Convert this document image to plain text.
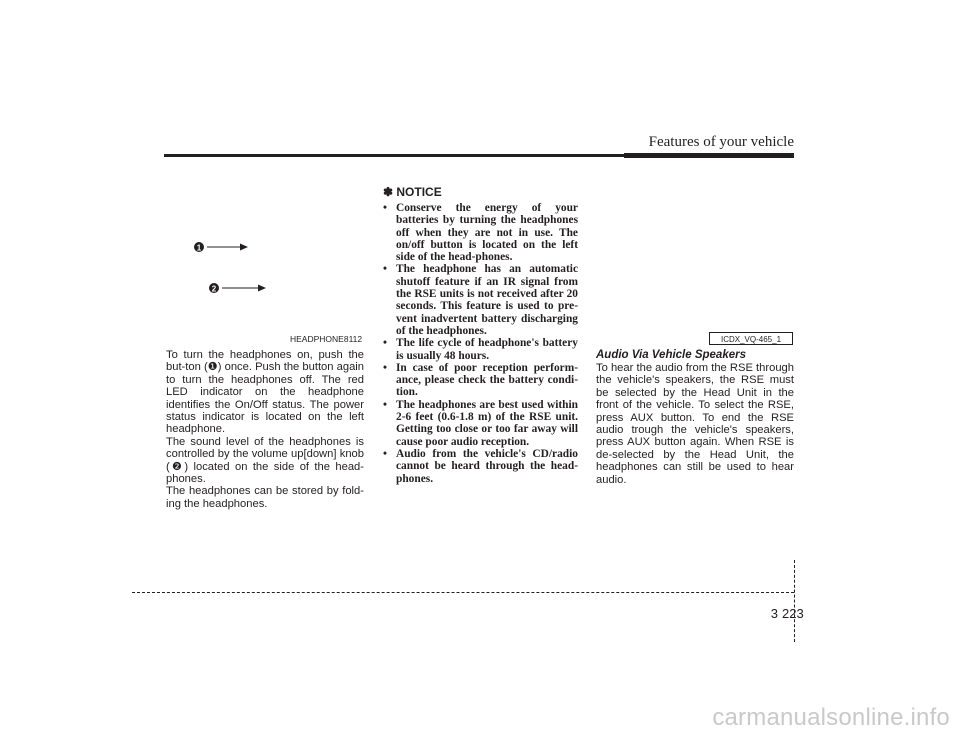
Features of your vehicle
1
2
HEADPHONE8112

To turn the headphones on, push the but-ton (❶) once. Push the button again to turn the headphones off. The red LED indicator on the headphone identifies the On/Off status. The power status indicator is located on the left headphone.

The sound level of the headphones is controlled by the volume up[down] knob (❷) located on the side of the head-phones.

The headphones can be stored by fold-ing the headphones.

✽ NOTICE
• Conserve the energy of your batteries by turning the headphones off when they are not in use. The on/off button is located on the left side of the head-phones.
• The headphone has an automatic shutoff feature if an IR signal from the RSE units is not received after 20 seconds. This feature is used to pre-vent inadvertent battery discharging of the headphones.
• The life cycle of headphone's battery is usually 48 hours.
• In case of poor reception perform-ance, please check the battery condi-tion.
• The headphones are best used within 2-6 feet (0.6-1.8 m) of the RSE unit. Getting too close or too far away will cause poor audio reception.
• Audio from the vehicle's CD/radio cannot be heard through the head-phones.
ICDX_VQ-465_1
Audio Via Vehicle Speakers
To hear the audio from the RSE through the vehicle's speakers, the RSE must be selected by the Head Unit in the front of the vehicle. To select the RSE, press AUX button. To end the RSE audio trough the vehicle's speakers, press AUX button again. When RSE is de-selected by the Head Unit, the headphones can still be used to hear audio.
3 223
carmanualsonline.info
